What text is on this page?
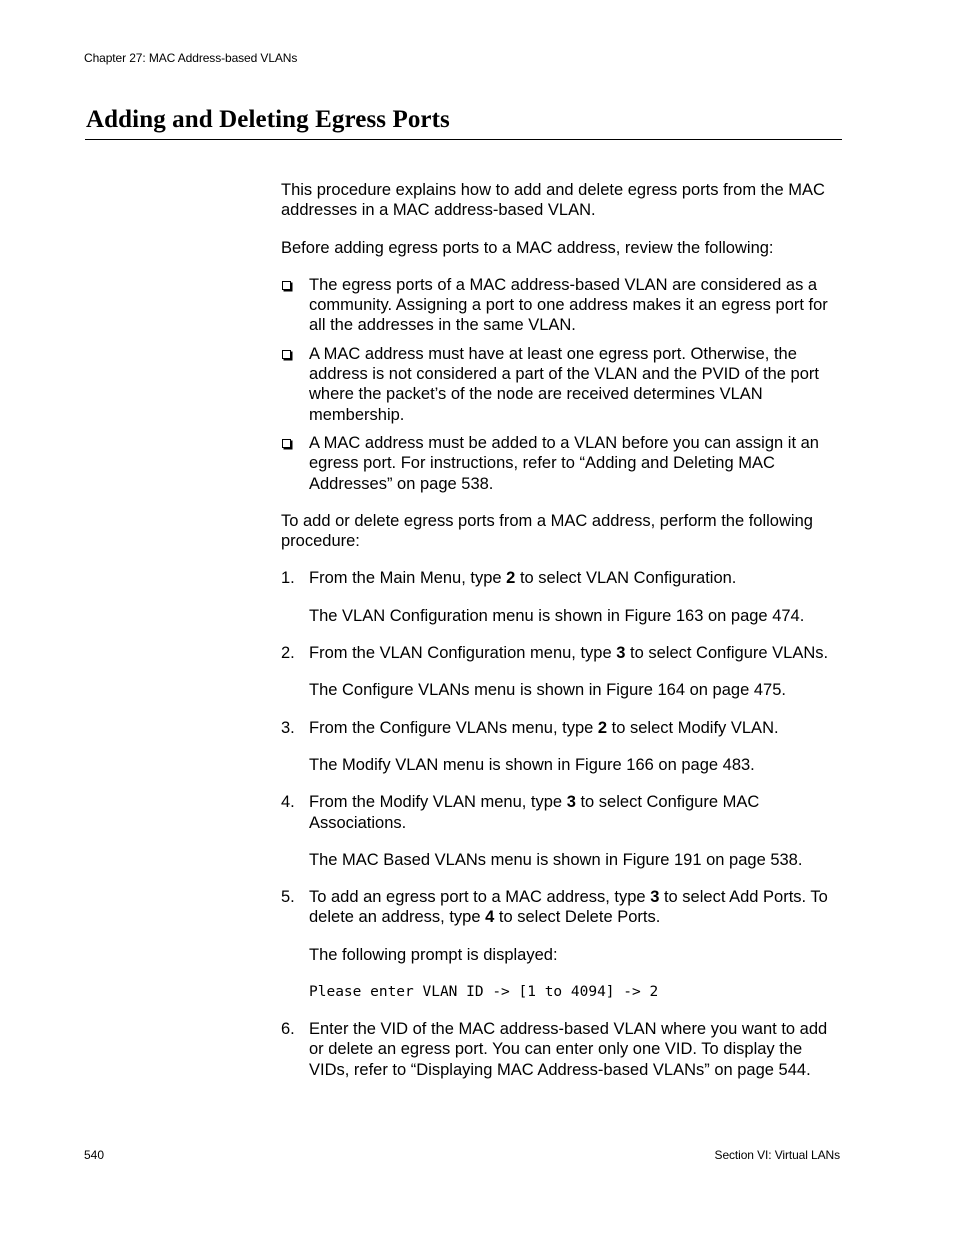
Chapter 27: MAC Address-based VLANs
Adding and Deleting Egress Ports

This procedure explains how to add and delete egress ports from the MAC addresses in a MAC address-based VLAN.

Before adding egress ports to a MAC address, review the following:

The egress ports of a MAC address-based VLAN are considered as a community. Assigning a port to one address makes it an egress port for all the addresses in the same VLAN.
A MAC address must have at least one egress port. Otherwise, the address is not considered a part of the VLAN and the PVID of the port where the packet’s of the node are received determines VLAN membership.
A MAC address must be added to a VLAN before you can assign it an egress port. For instructions, refer to “Adding and Deleting MAC Addresses” on page 538.

To add or delete egress ports from a MAC address, perform the following procedure:

1. From the Main Menu, type 2 to select VLAN Configuration.

The VLAN Configuration menu is shown in Figure 163 on page 474.

2. From the VLAN Configuration menu, type 3 to select Configure VLANs.

The Configure VLANs menu is shown in Figure 164 on page 475.

3. From the Configure VLANs menu, type 2 to select Modify VLAN.

The Modify VLAN menu is shown in Figure 166 on page 483.

4. From the Modify VLAN menu, type 3 to select Configure MAC Associations.

The MAC Based VLANs menu is shown in Figure 191 on page 538.

5. To add an egress port to a MAC address, type 3 to select Add Ports. To delete an address, type 4 to select Delete Ports.

The following prompt is displayed:

Please enter VLAN ID -> [1 to 4094] -> 2
6. Enter the VID of the MAC address-based VLAN where you want to add or delete an egress port. You can enter only one VID. To display the VIDs, refer to “Displaying MAC Address-based VLANs” on page 544.

540	Section VI: Virtual LANs
